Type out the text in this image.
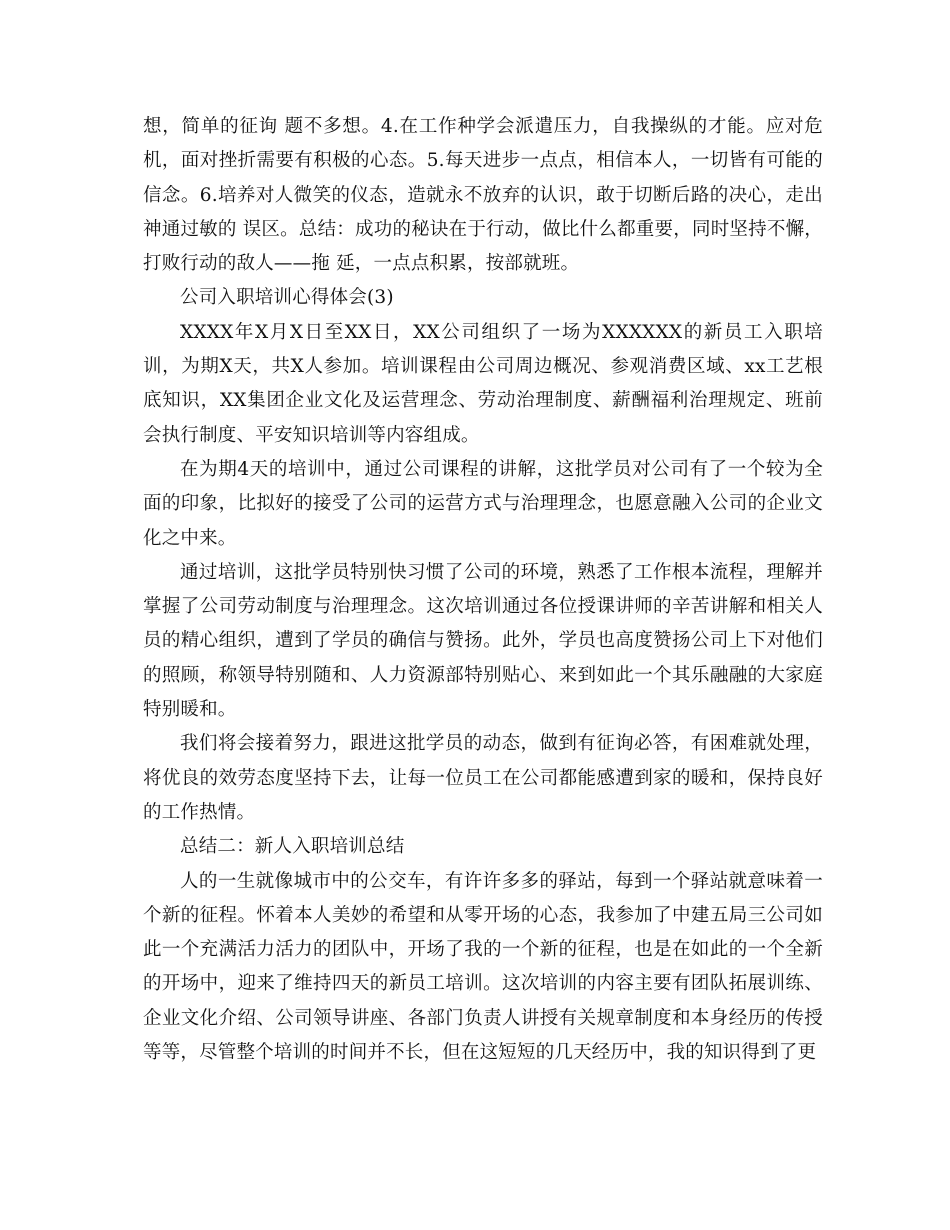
想，简单的征询 题不多想。4.在工作种学会派遣压力，自我操纵的才能。应对危机，面对挫折需要有积极的心态。5.每天进步一点点，相信本人，一切皆有可能的信念。6.培养对人微笑的仪态，造就永不放弃的认识，敢于切断后路的决心，走出神通过敏的 误区。总结：成功的秘诀在于行动，做比什么都重要，同时坚持不懈，打败行动的敌人——拖 延，一点点积累，按部就班。

公司入职培训心得体会(3)

XXXX年X月X日至XX日，XX公司组织了一场为XXXXXX的新员工入职培训，为期X天，共X人参加。培训课程由公司周边概况、参观消费区域、xx工艺根底知识，XX集团企业文化及运营理念、劳动治理制度、薪酬福利治理规定、班前会执行制度、平安知识培训等内容组成。

在为期4天的培训中，通过公司课程的讲解，这批学员对公司有了一个较为全面的印象，比拟好的接受了公司的运营方式与治理理念，也愿意融入公司的企业文化之中来。

通过培训，这批学员特别快习惯了公司的环境，熟悉了工作根本流程，理解并掌握了公司劳动制度与治理理念。这次培训通过各位授课讲师的辛苦讲解和相关人员的精心组织，遭到了学员的确信与赞扬。此外，学员也高度赞扬公司上下对他们的照顾，称领导特别随和、人力资源部特别贴心、来到如此一个其乐融融的大家庭特别暖和。

我们将会接着努力，跟进这批学员的动态，做到有征询必答，有困难就处理，将优良的效劳态度坚持下去，让每一位员工在公司都能感遭到家的暖和，保持良好的工作热情。

总结二：新人入职培训总结

人的一生就像城市中的公交车，有许许多多的驿站，每到一个驿站就意味着一个新的征程。怀着本人美妙的希望和从零开场的心态，我参加了中建五局三公司如此一个充满活力活力的团队中，开场了我的一个新的征程，也是在如此的一个全新的开场中，迎来了维持四天的新员工培训。这次培训的内容主要有团队拓展训练、企业文化介绍、公司领导讲座、各部门负责人讲授有关规章制度和本身经历的传授等等，尽管整个培训的时间并不长，但在这短短的几天经历中，我的知识得到了更
